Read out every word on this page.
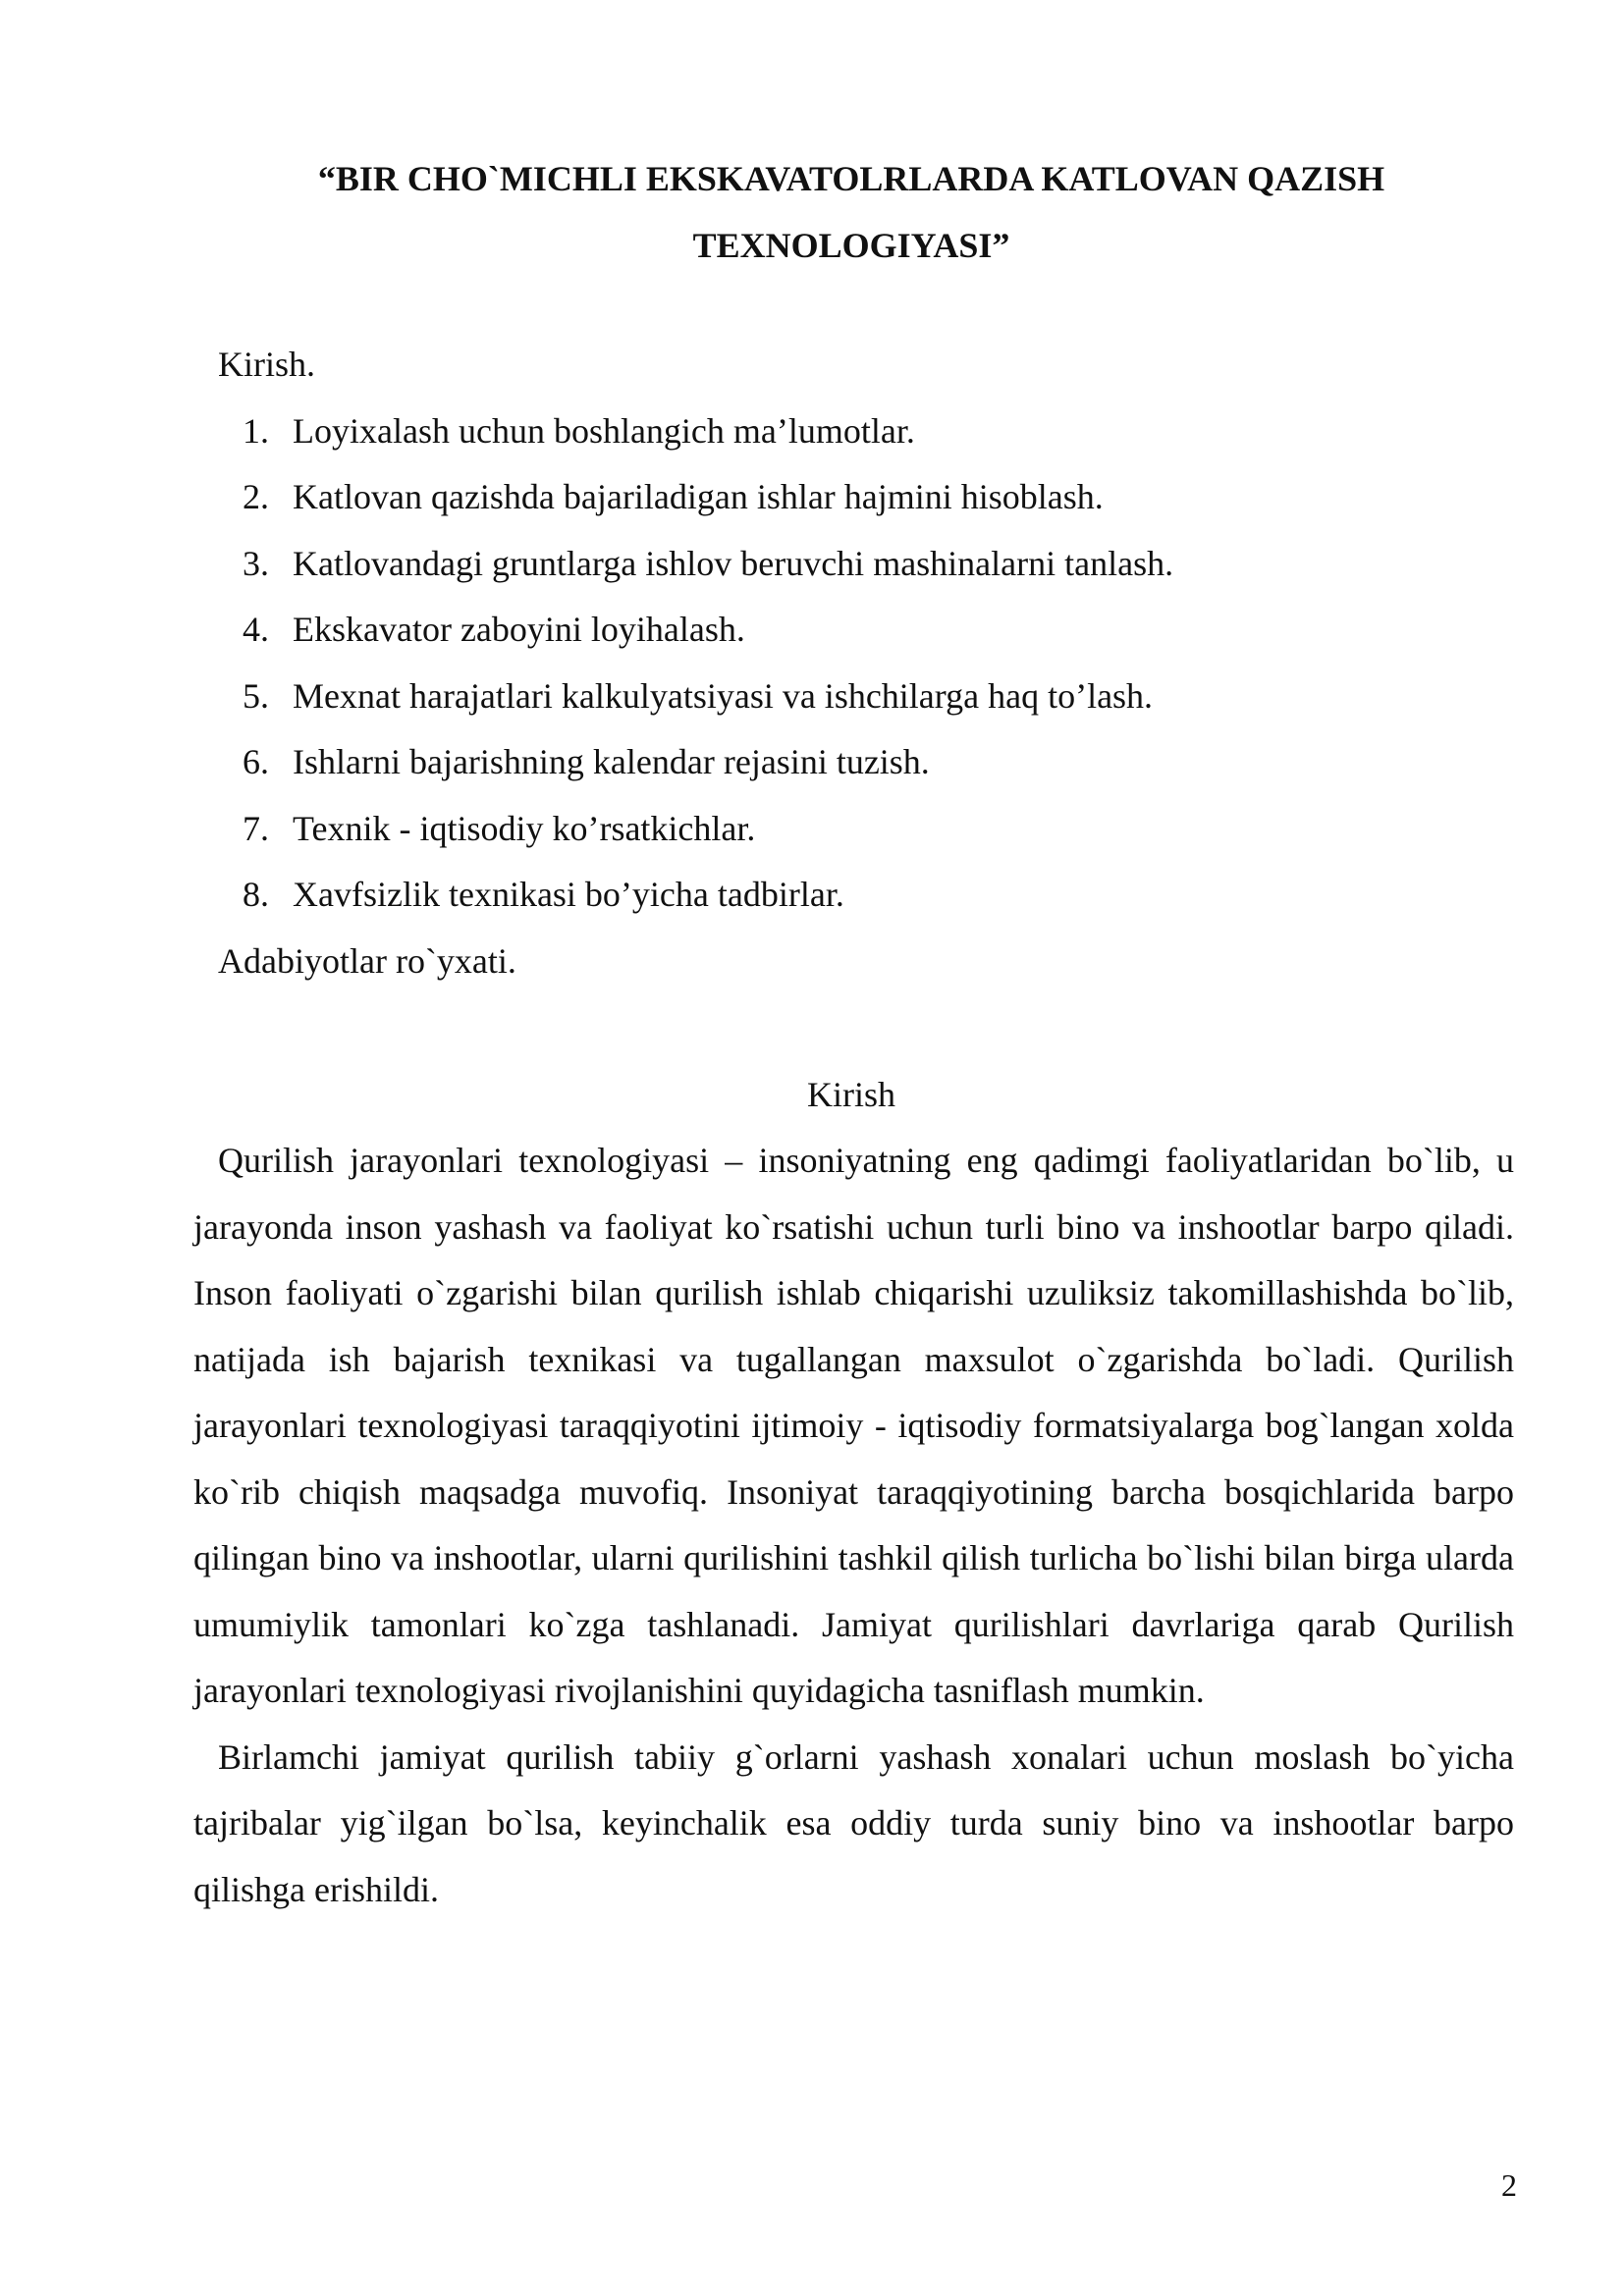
“BIR CHO`MICHLI EKSKAVATOLRLARDA KATLOVAN QAZISH TEXNOLOGIYASI”

Kirish.

1. Loyixalash uchun boshlangich ma’lumotlar.
2. Katlovan qazishda bajariladigan ishlar hajmini hisoblash.
3. Katlovandagi gruntlarga ishlov beruvchi mashinalarni tanlash.
4. Ekskavator zaboyini loyihalash.
5. Mexnat harajatlari kalkulyatsiyasi va ishchilarga haq to’lash.
6. Ishlarni bajarishning kalendar rejasini tuzish.
7. Texnik - iqtisodiy ko’rsatkichlar.
8. Xavfsizlik texnikasi bo’yicha tadbirlar.

Adabiyotlar ro`yxati.

Kirish

Qurilish jarayonlari texnologiyasi – insoniyatning eng qadimgi faoliyatlaridan bo`lib, u jarayonda inson yashash va faoliyat ko`rsatishi uchun turli bino va inshootlar barpo qiladi. Inson faoliyati o`zgarishi bilan qurilish ishlab chiqarishi uzuliksiz takomillashishda bo`lib, natijada ish bajarish texnikasi va tugallangan maxsulot o`zgarishda bo`ladi. Qurilish jarayonlari texnologiyasi taraqqiyotini ijtimoiy - iqtisodiy formatsiyalarga bog`langan xolda ko`rib chiqish maqsadga muvofiq. Insoniyat taraqqiyotining barcha bosqichlarida barpo qilingan bino va inshootlar, ularni qurilishini tashkil qilish turlicha bo`lishi bilan birga ularda umumiylik tamonlari ko`zga tashlanadi. Jamiyat qurilishlari davrlariga qarab Qurilish jarayonlari texnologiyasi rivojlanishini quyidagicha tasniflash mumkin.

Birlamchi jamiyat qurilish tabiiy g`orlarni yashash xonalari uchun moslash bo`yicha tajribalar yig`ilgan bo`lsa, keyinchalik esa oddiy turda suniy bino va inshootlar barpo qilishga erishildi.

2
